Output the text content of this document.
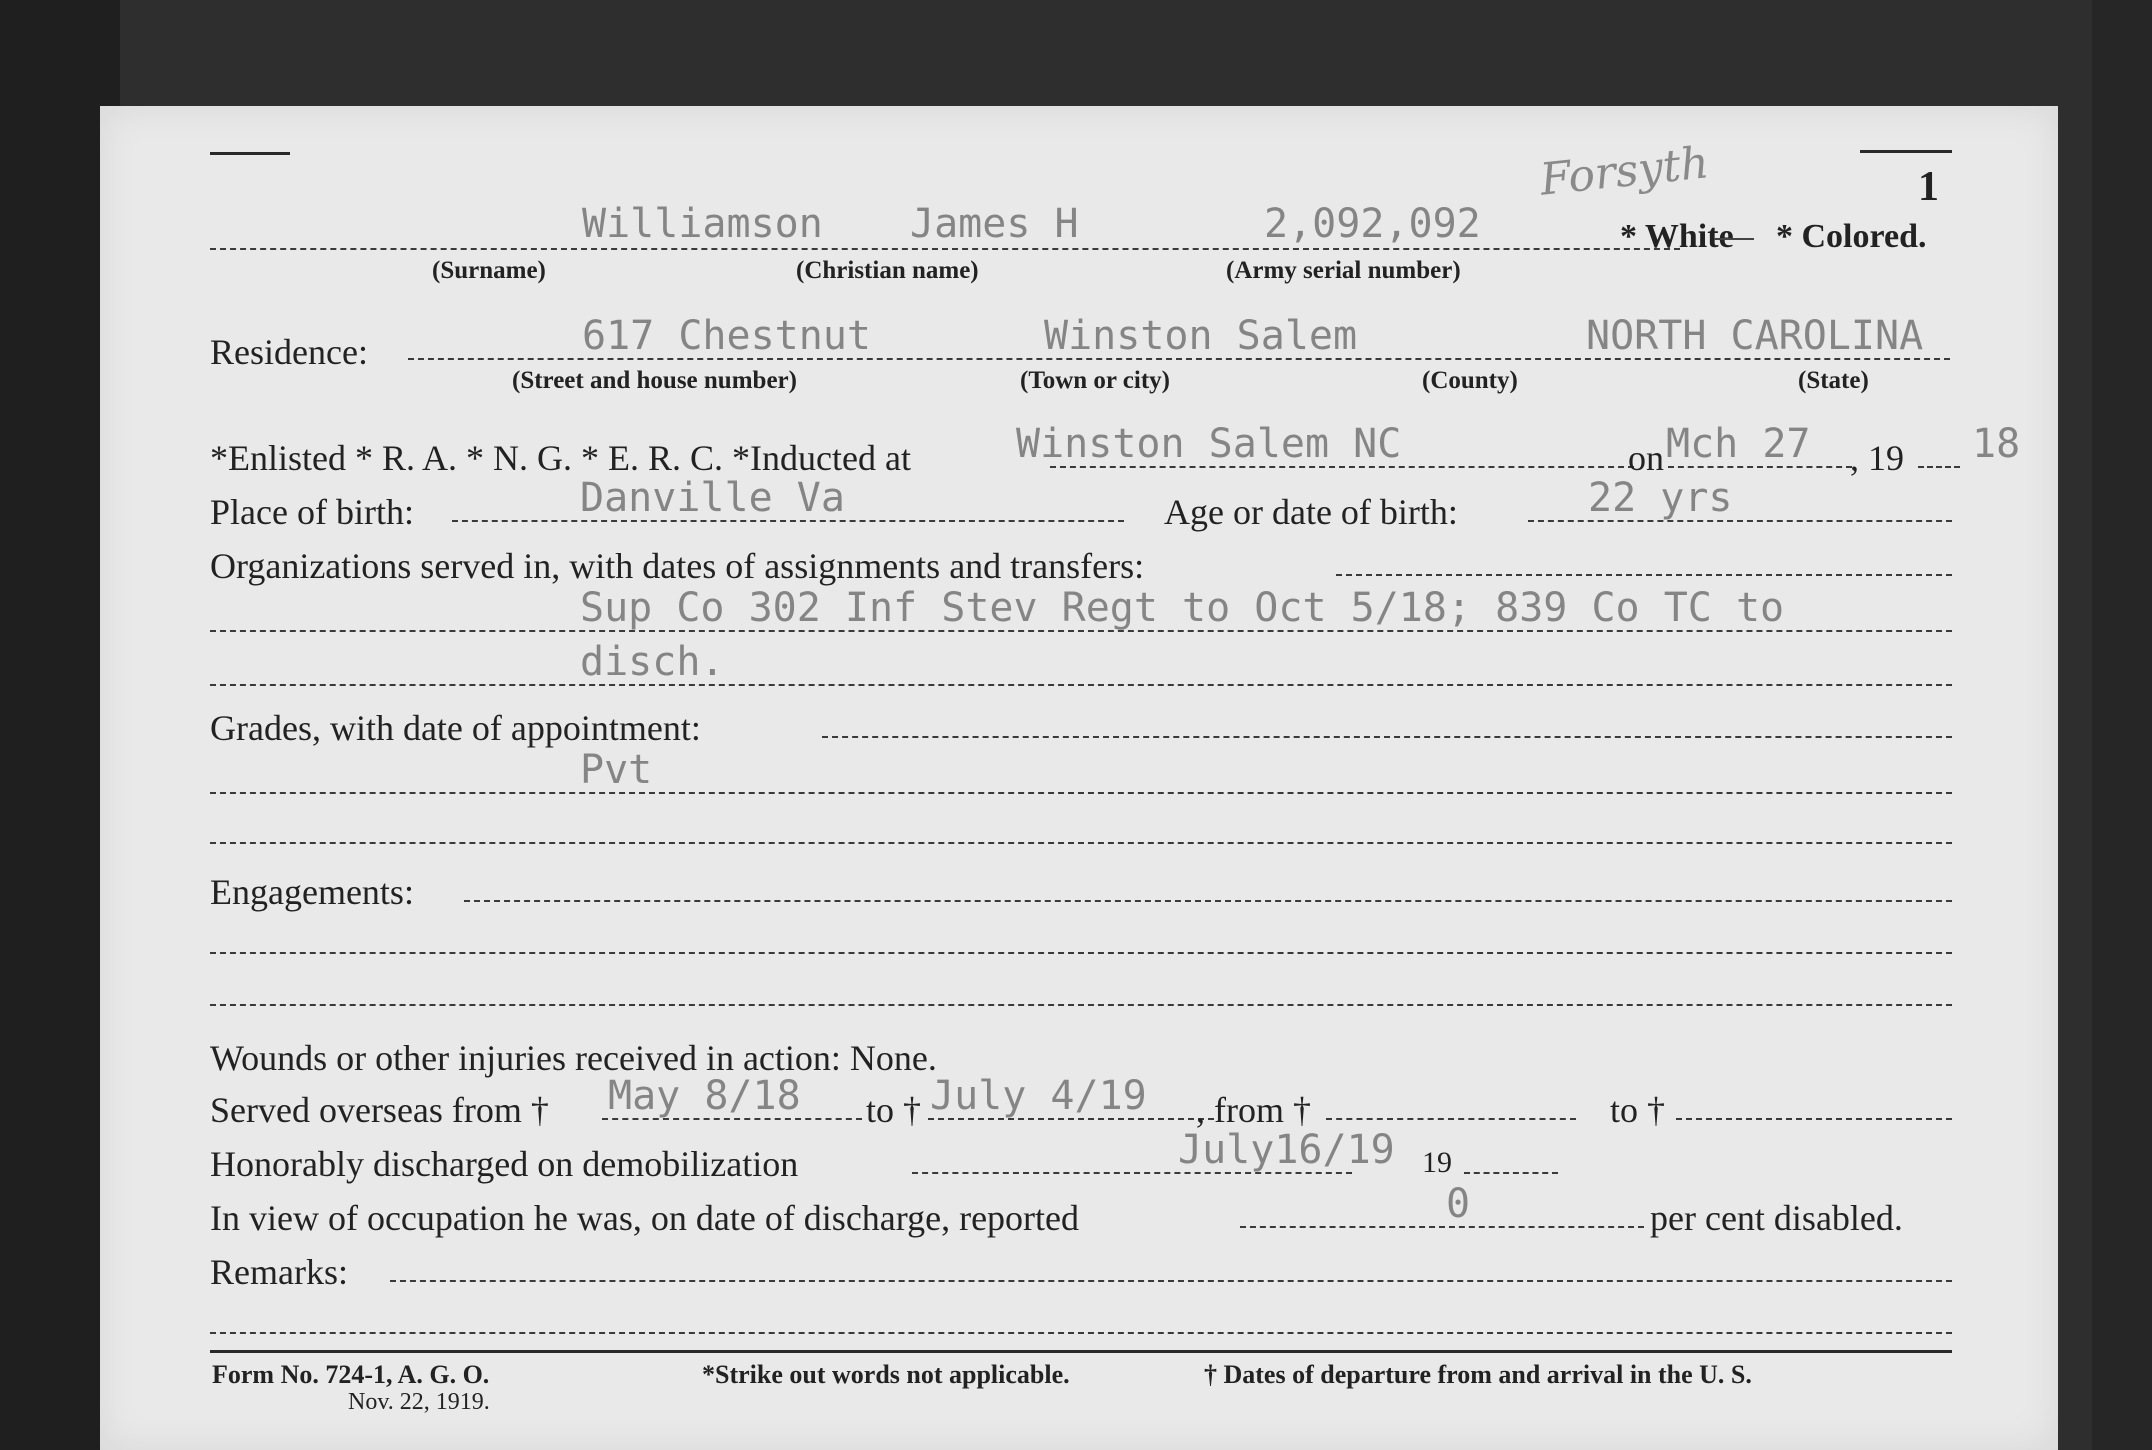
Forsyth	1
Williamson James H	2,092,092	* White * Colored.
(Surname)	(Christian name)	(Army serial number)
Residence:	617 Chestnut	Winston Salem	NORTH CAROLINA
(Street and house number)	(Town or city)	(County)	(State)
*Enlisted * R. A. * N. G. * E. R. C. *Inducted at	Winston Salem NC	on Mch 27 , 19 18
Place of birth:	Danville Va	Age or date of birth:	22 yrs
Organizations served in, with dates of assignments and transfers:
Sup Co 302 Inf Stev Regt to Oct 5/18; 839 Co TC to
disch.
Grades, with date of appointment:
Pvt
Engagements:
Wounds or other injuries received in action: None.
Served overseas from † May 8/18 to † July 4/19 , from †	to †
Honorably discharged on demobilization	July16/19 19
In view of occupation he was, on date of discharge, reported	0	per cent disabled.
Remarks:
Form No. 724-1, A. G. O.
Nov. 22, 1919.
*Strike out words not applicable.	† Dates of departure from and arrival in the U. S.
